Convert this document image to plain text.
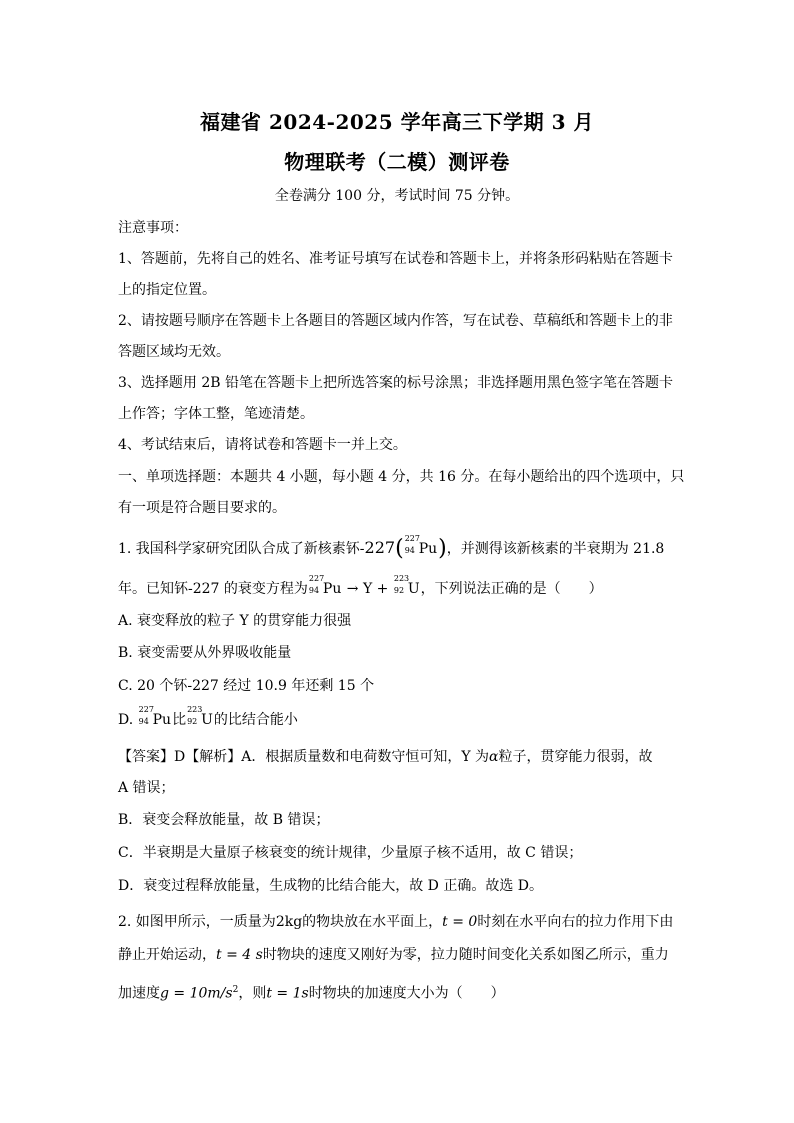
福建省 2024-2025 学年高三下学期 3 月
物理联考（二模）测评卷
全卷满分 100 分，考试时间 75 分钟。
注意事项：
1、答题前，先将自己的姓名、准考证号填写在试卷和答题卡上，并将条形码粘贴在答题卡
上的指定位置。
2、请按题号顺序在答题卡上各题目的答题区域内作答，写在试卷、草稿纸和答题卡上的非
答题区域均无效。
3、选择题用 2B 铅笔在答题卡上把所选答案的标号涂黑；非选择题用黑色签字笔在答题卡
上作答；字体工整，笔迹清楚。
4、考试结束后，请将试卷和答题卡一并上交。
一、单项选择题：本题共 4 小题，每小题 4 分，共 16 分。在每小题给出的四个选项中，只
有一项是符合题目要求的。
1. 我国科学家研究团队合成了新核素钚-227( 227
94 Pu)，并测得该新核素的半衰期为 21.8
年。已知钚-227 的衰变方程为
227
94 Pu → Y +
223
92 U，下列说法正确的是（　　）
A. 衰变释放的粒子 Y 的贯穿能力很强
B. 衰变需要从外界吸收能量
C. 20 个钚-227 经过 10.9 年还剩 15 个
D.
227
94 Pu比
223
92 U的比结合能小
【答案】D【解析】A．根据质量数和电荷数守恒可知，Y 为α粒子，贯穿能力很弱，故
A 错误；
B．衰变会释放能量，故 B 错误；
C．半衰期是大量原子核衰变的统计规律，少量原子核不适用，故 C 错误；
D．衰变过程释放能量，生成物的比结合能大，故 D 正确。故选 D。
2. 如图甲所示，一质量为2kg的物块放在水平面上，t = 0时刻在水平向右的拉力作用下由
静止开始运动，t = 4 s时物块的速度又刚好为零，拉力随时间变化关系如图乙所示，重力
加速度$g = 10m/s^2$，则t = 1s时物块的加速度大小为（　　）
